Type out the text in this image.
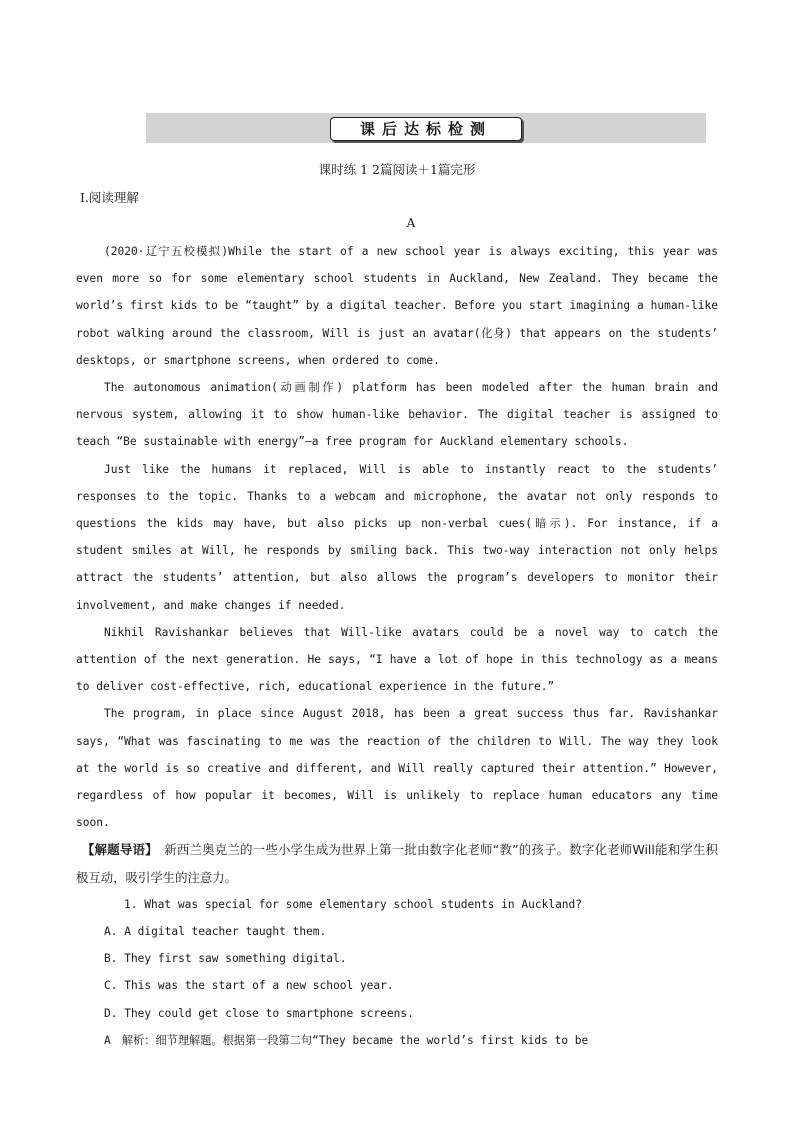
课后达标检测
课时练 1 2篇阅读＋1篇完形
Ⅰ.阅读理解
A

(2020·辽宁五校模拟)While the start of a new school year is always exciting, this year was even more so for some elementary school students in Auckland, New Zealand. They became the world’s first kids to be “taught” by a digital teacher. Before you start imagining a human-like robot walking around the classroom, Will is just an avatar(化身) that appears on the students’ desktops, or smartphone screens, when ordered to come.

The autonomous animation(动画制作) platform has been modeled after the human brain and nervous system, allowing it to show human-like behavior. The digital teacher is assigned to teach “Be sustainable with energy”—a free program for Auckland elementary schools.

Just like the humans it replaced, Will is able to instantly react to the students’ responses to the topic. Thanks to a webcam and microphone, the avatar not only responds to questions the kids may have, but also picks up non-verbal cues(暗示). For instance, if a student smiles at Will, he responds by smiling back. This two-way interaction not only helps attract the students’ attention, but also allows the program’s developers to monitor their involvement, and make changes if needed.

Nikhil Ravishankar believes that Will-like avatars could be a novel way to catch the attention of the next generation. He says, “I have a lot of hope in this technology as a means to deliver cost-effective, rich, educational experience in the future.”

The program, in place since August 2018, has been a great success thus far. Ravishankar says, “What was fascinating to me was the reaction of the children to Will. The way they look at the world is so creative and different, and Will really captured their attention.” However, regardless of how popular it becomes, Will is unlikely to replace human educators any time soon.

【解题导语】　 新西兰奥克兰的一些小学生成为世界上第一批由数字化老师“教”的孩子。数字化老师Will能和学生积极互动，吸引学生的注意力。

1. What was special for some elementary school students in Auckland?

A. A digital teacher taught them.

B. They first saw something digital.

C. This was the start of a new school year.

D. They could get close to smartphone screens.

A　解析：细节理解题。根据第一段第二句“They became the world’s first kids to be
